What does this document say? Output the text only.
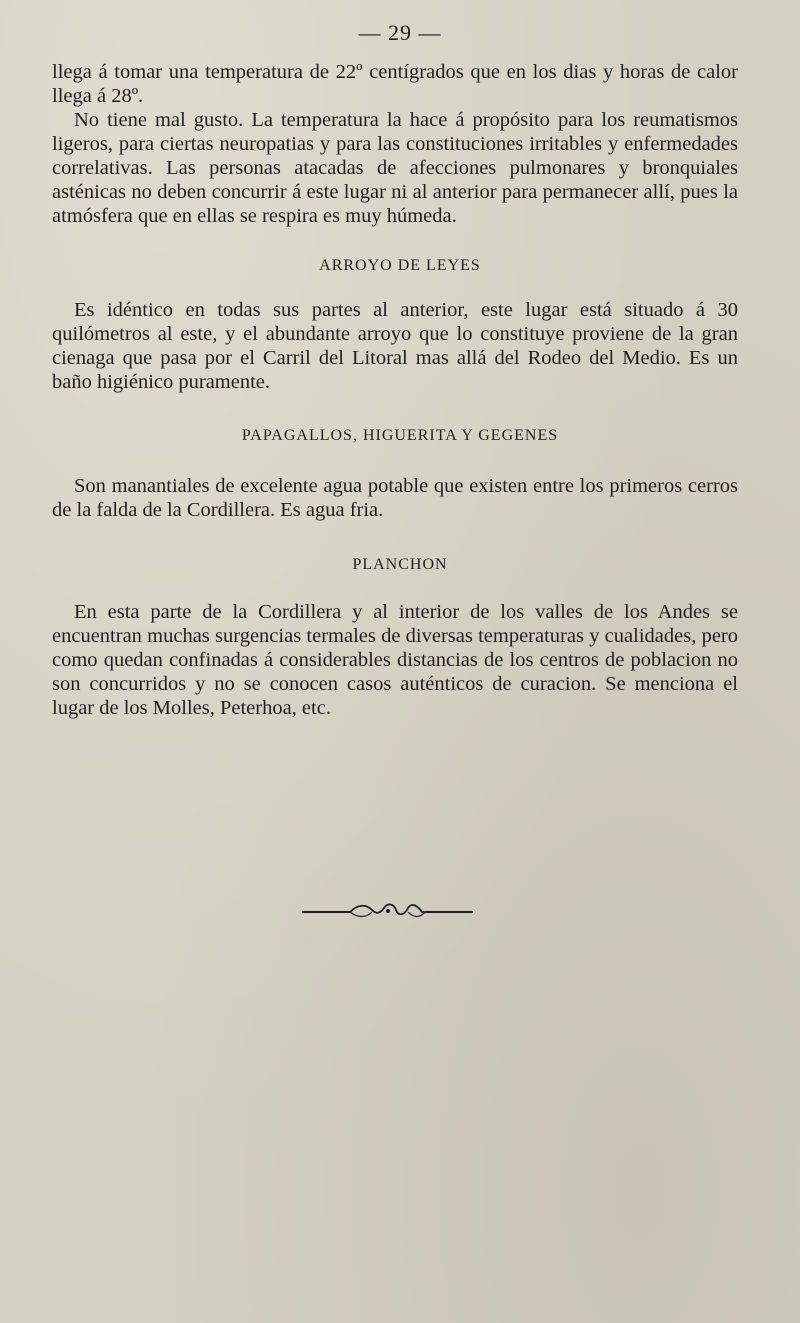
— 29 —

llega á tomar una temperatura de 22º centígrados que en los dias y horas de calor llega á 28º.

No tiene mal gusto. La temperatura la hace á propósito para los reumatismos ligeros, para ciertas neuropatias y para las constituciones irritables y enfermedades correlativas. Las personas atacadas de afecciones pulmonares y bronquiales asténicas no deben concurrir á este lugar ni al anterior para permanecer allí, pues la atmósfera que en ellas se respira es muy húmeda.

ARROYO DE LEYES

Es idéntico en todas sus partes al anterior, este lugar está situado á 30 quilómetros al este, y el abundante arroyo que lo constituye proviene de la gran cienaga que pasa por el Carril del Litoral mas allá del Rodeo del Medio. Es un baño higiénico puramente.

PAPAGALLOS, HIGUERITA Y GEGENES

Son manantiales de excelente agua potable que existen entre los primeros cerros de la falda de la Cordillera. Es agua fria.

PLANCHON

En esta parte de la Cordillera y al interior de los valles de los Andes se encuentran muchas surgencias termales de diversas temperaturas y cualidades, pero como quedan confinadas á considerables distancias de los centros de poblacion no son concurridos y no se conocen casos auténticos de curacion. Se menciona el lugar de los Molles, Peterhoa, etc.
